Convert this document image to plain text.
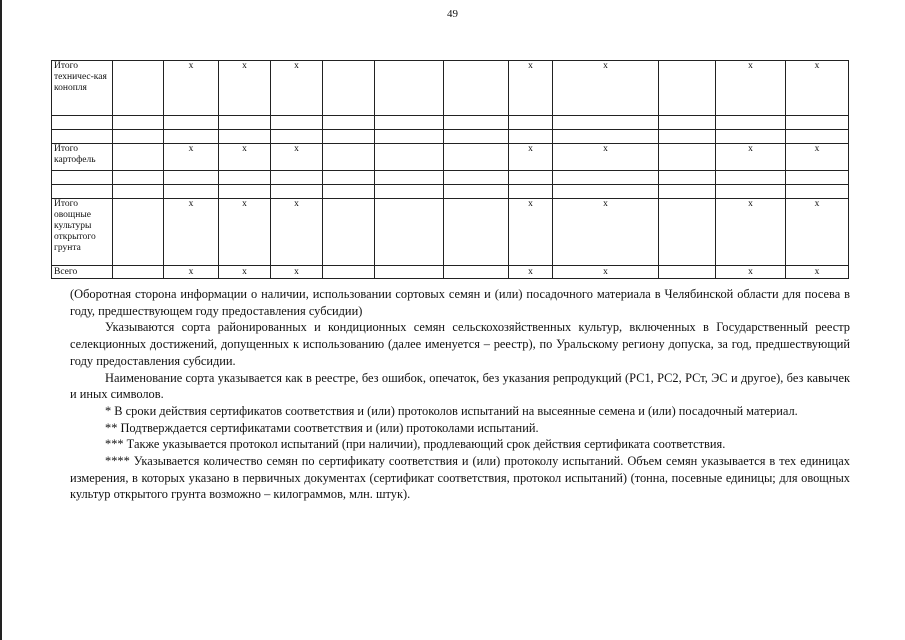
49
Итого техничес-кая конопля		х	х	х				х	х		х	х

Итого картофель		х	х	х				х	х		х	х

Итого овощные культуры открытого грунта		х	х	х				х	х		х	х
Всего		х	х	х				х	х		х	х

(Оборотная сторона информации о наличии, использовании сортовых семян и (или) посадочного материала в Челябинской области для посева в году, предшествующем году предоставления субсидии)

Указываются сорта районированных и кондиционных семян сельскохозяйственных культур, включенных в Государственный реестр селекционных достижений, допущенных к использованию (далее именуется – реестр), по Уральскому региону допуска, за год, предшествующий году предоставления субсидии.

Наименование сорта указывается как в реестре, без ошибок, опечаток, без указания репродукций (РС1, РС2, РСт, ЭС и другое), без кавычек и иных символов.

* В сроки действия сертификатов соответствия и (или) протоколов испытаний на высеянные семена и (или) посадочный материал.

** Подтверждается сертификатами соответствия и (или) протоколами испытаний.

*** Также указывается протокол испытаний (при наличии), продлевающий срок действия сертификата соответствия.

**** Указывается количество семян по сертификату соответствия и (или) протоколу испытаний. Объем семян указывается в тех единицах измерения, в которых указано в первичных документах (сертификат соответствия, протокол испытаний) (тонна, посевные единицы; для овощных культур открытого грунта возможно – килограммов, млн. штук).
